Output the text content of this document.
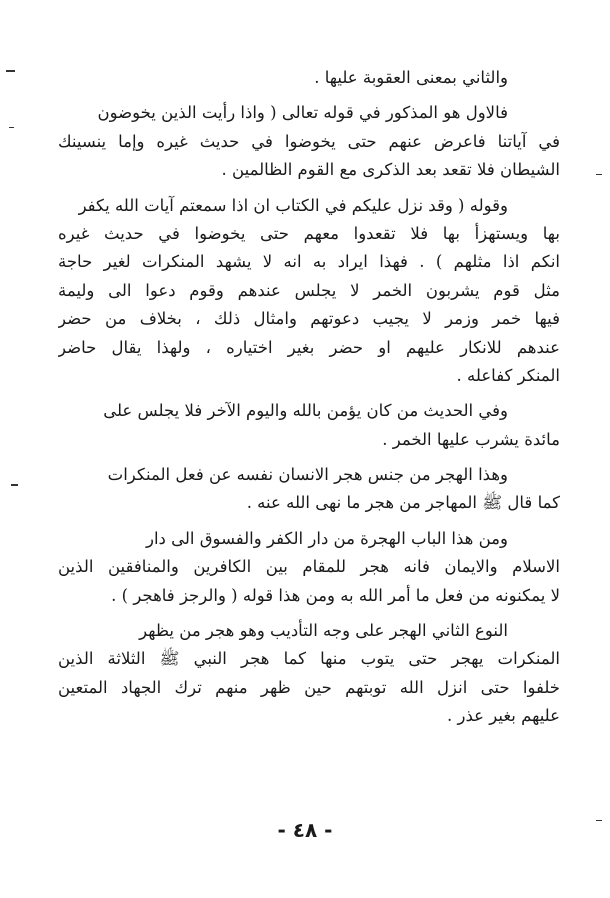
والثاني بمعنى العقوبة عليها .
فالاول هو المذكور في قوله تعالى ( واذا رأيت الذين يخوضون
في آياتنا فاعرض عنهم حتى يخوضوا في حديث غيره وإما ينسينك
الشيطان فلا تقعد بعد الذكرى مع القوم الظالمين .
وقوله ( وقد نزل عليكم في الكتاب ان اذا سمعتم آيات الله يكفر
بها ويستهزأ بها فلا تقعدوا معهم حتى يخوضوا في حديث غيره
انكم اذا مثلهم ) . فهذا ايراد به انه لا يشهد المنكرات لغير حاجة
مثل قوم يشربون الخمر لا يجلس عندهم وقوم دعوا الى وليمة
فيها خمر وزمر لا يجيب دعوتهم وامثال ذلك ، بخلاف من حضر
عندهم للانكار عليهم او حضر بغير اختياره ، ولهذا يقال حاضر
المنكر كفاعله .
وفي الحديث من كان يؤمن بالله واليوم الآخر فلا يجلس على
مائدة يشرب عليها الخمر .
وهذا الهجر من جنس هجر الانسان نفسه عن فعل المنكرات
كما قال ﷺ المهاجر من هجر ما نهى الله عنه .
ومن هذا الباب الهجرة من دار الكفر والفسوق الى دار
الاسلام والايمان فانه هجر للمقام بين الكافرين والمنافقين الذين
لا يمكنونه من فعل ما أمر الله به ومن هذا قوله ( والرجز فاهجر ) .
النوع الثاني الهجر على وجه التأديب وهو هجر من يظهر
المنكرات يهجر حتى يتوب منها كما هجر النبي ﷺ الثلاثة الذين
خلفوا حتى انزل الله توبتهم حين ظهر منهم ترك الجهاد المتعين
عليهم بغير عذر .
- ٤٨ -
